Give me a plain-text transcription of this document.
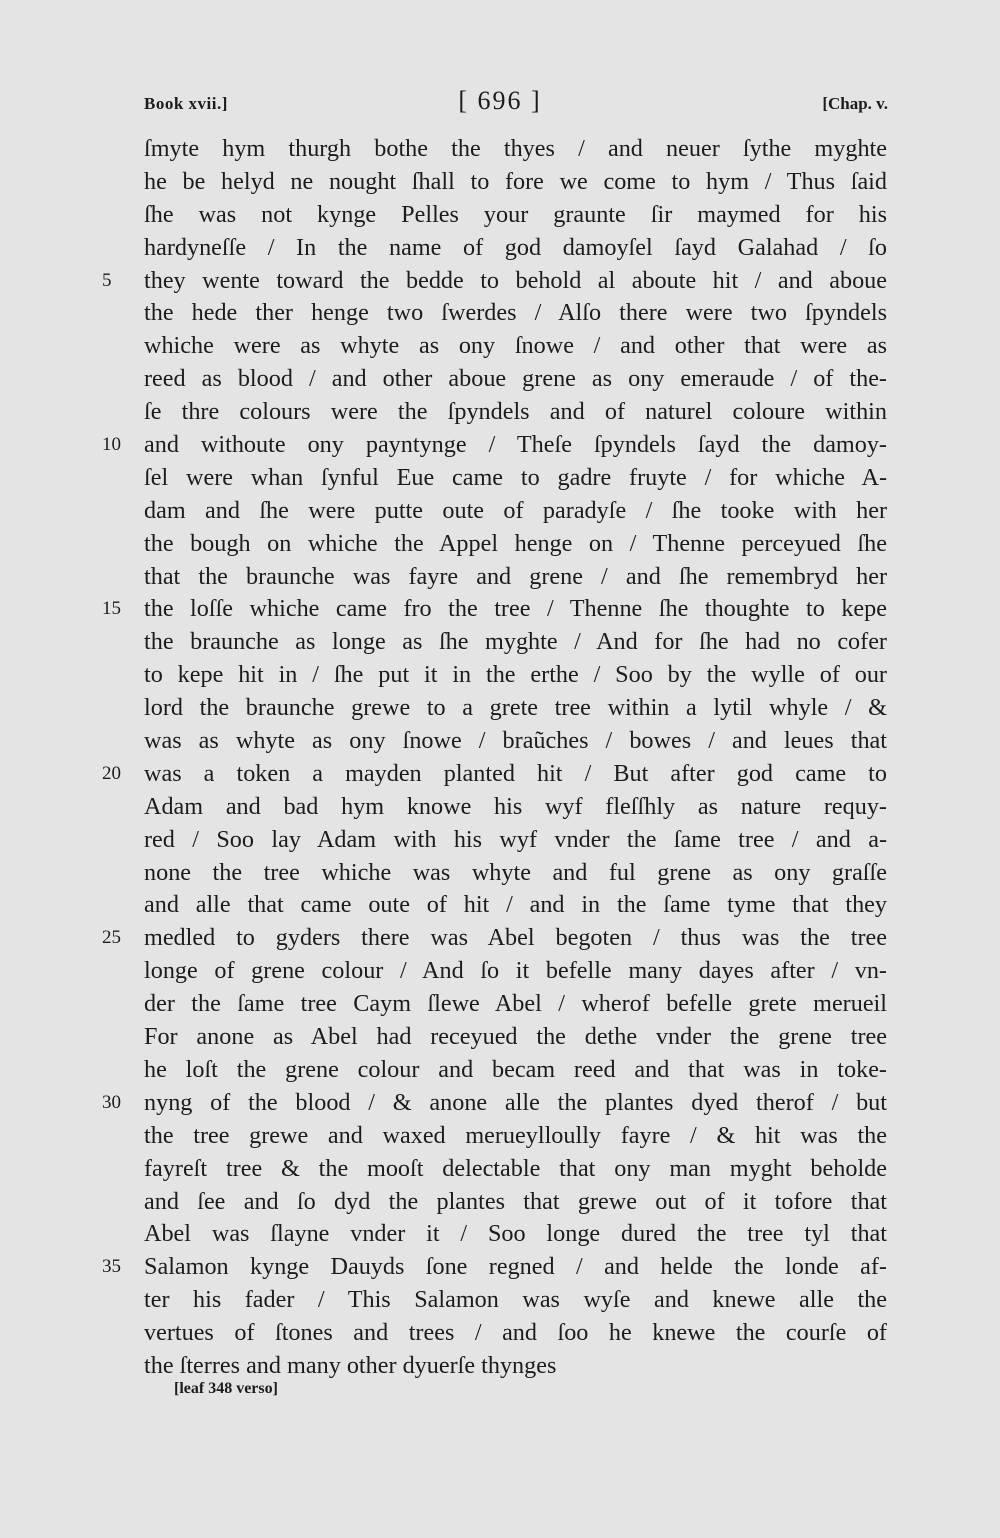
Book xvii.]	[ 696 ]	[Chap. v.
ſmyte hym thurgh bothe the thyes / and neuer ſythe myghte
he be helyd ne nought ſhall to fore we come to hym / Thus ſaid
ſhe was not kynge Pelles your graunte ſir maymed for his
hardyneſſe / In the name of god damoyſel ſayd Galahad / ſo
5	they wente toward the bedde to behold al aboute hit / and aboue
the hede ther henge two ſwerdes / Alſo there were two ſpyndels
whiche were as whyte as ony ſnowe / and other that were as
reed as blood / and other aboue grene as ony emeraude / of the-
ſe thre colours were the ſpyndels and of naturel coloure within
10 and withoute ony payntynge / Theſe ſpyndels ſayd the damoy-
ſel were whan ſynful Eue came to gadre fruyte / for whiche A-
dam and ſhe were putte oute of paradyſe / ſhe tooke with her
the bough on whiche the Appel henge on / Thenne perceyued ſhe
that the braunche was fayre and grene / and ſhe remembryd her
15 the loſſe whiche came fro the tree / Thenne ſhe thoughte to kepe
the braunche as longe as ſhe myghte / And for ſhe had no cofer
to kepe hit in / ſhe put it in the erthe / Soo by the wylle of our
lord the braunche grewe to a grete tree within a lytil whyle / &
was as whyte as ony ſnowe / braũches / bowes / and leues that
20 was a token a mayden planted hit / But after god came to
Adam and bad hym knowe his wyf fleſſhly as nature requy-
red / Soo lay Adam with his wyf vnder the ſame tree / and a-
none the tree whiche was whyte and ful grene as ony graſſe
and alle that came oute of hit / and in the ſame tyme that they
25 medled to gyders there was Abel begoten / thus was the tree
longe of grene colour / And ſo it befelle many dayes after / vn-
der the ſame tree Caym ſlewe Abel / wherof befelle grete merueil
For anone as Abel had receyued the dethe vnder the grene tree
he loſt the grene colour and becam reed and that was in toke-
30 nyng of the blood / & anone alle the plantes dyed therof / but
the tree grewe and waxed merueylloully fayre / & hit was the
fayreſt tree & the mooſt delectable that ony man myght beholde
and ſee and ſo dyd the plantes that grewe out of it tofore that
Abel was ſlayne vnder it / Soo longe dured the tree tyl that
35 Salamon kynge Dauyds ſone regned / and helde the londe af-
ter his fader / This Salamon was wyſe and knewe alle the
vertues of ſtones and trees / and ſoo he knewe the courſe of
the ſterres and many other dyuerſe thynges
[leaf 348 verso]
